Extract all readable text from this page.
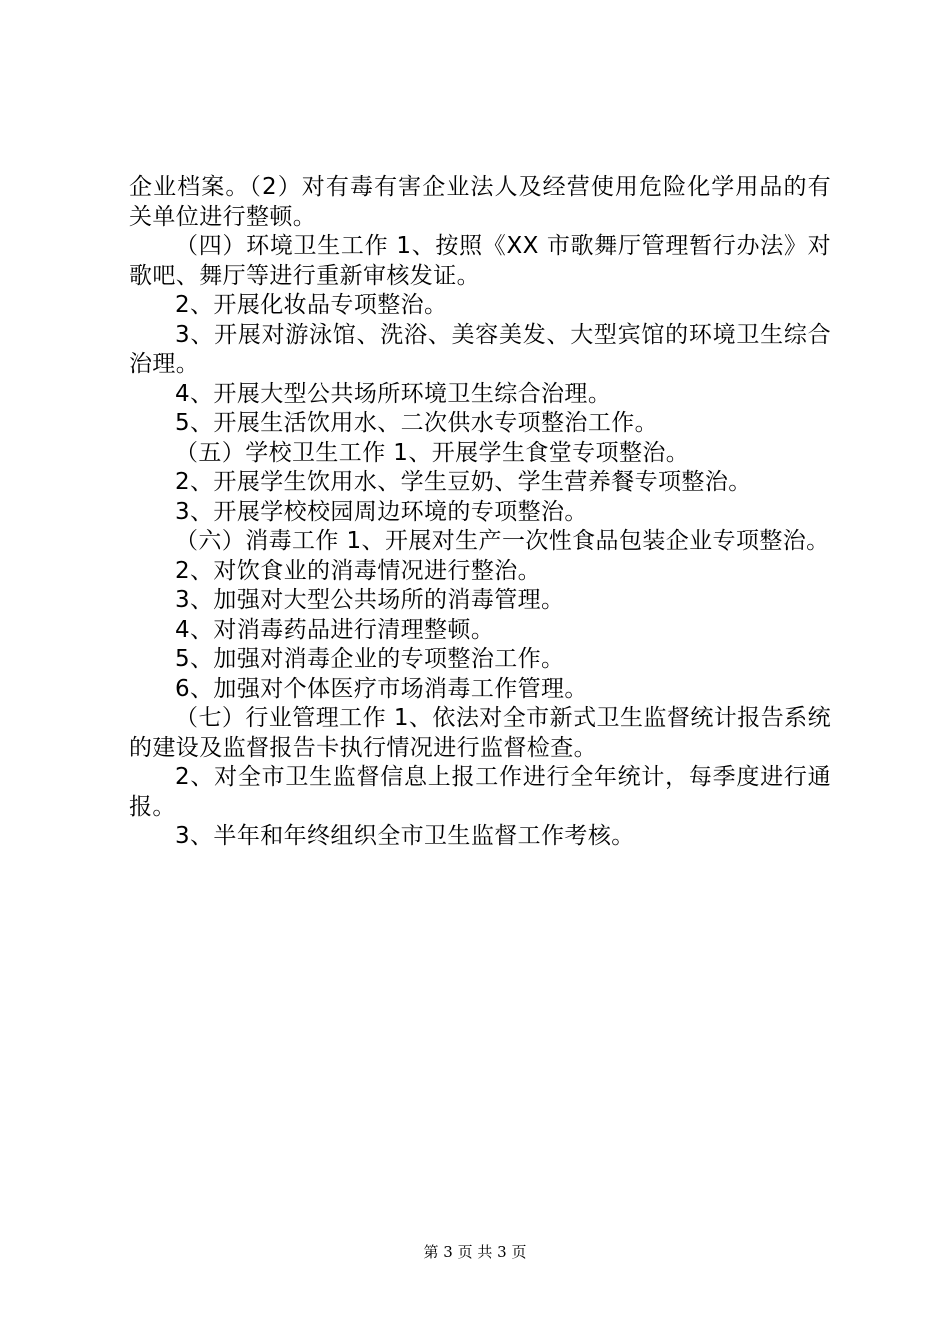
企业档案。（2）对有毒有害企业法人及经营使用危险化学用品的有关单位进行整顿。

（四）环境卫生工作 1、按照《XX 市歌舞厅管理暂行办法》对歌吧、舞厅等进行重新审核发证。

2、开展化妆品专项整治。

3、开展对游泳馆、洗浴、美容美发、大型宾馆的环境卫生综合治理。

4、开展大型公共场所环境卫生综合治理。

5、开展生活饮用水、二次供水专项整治工作。

（五）学校卫生工作 1、开展学生食堂专项整治。

2、开展学生饮用水、学生豆奶、学生营养餐专项整治。

3、开展学校校园周边环境的专项整治。

（六）消毒工作 1、开展对生产一次性食品包装企业专项整治。

2、对饮食业的消毒情况进行整治。

3、加强对大型公共场所的消毒管理。

4、对消毒药品进行清理整顿。

5、加强对消毒企业的专项整治工作。

6、加强对个体医疗市场消毒工作管理。

（七）行业管理工作 1、依法对全市新式卫生监督统计报告系统的建设及监督报告卡执行情况进行监督检查。

2、对全市卫生监督信息上报工作进行全年统计，每季度进行通报。

3、半年和年终组织全市卫生监督工作考核。

第 3 页 共 3 页
